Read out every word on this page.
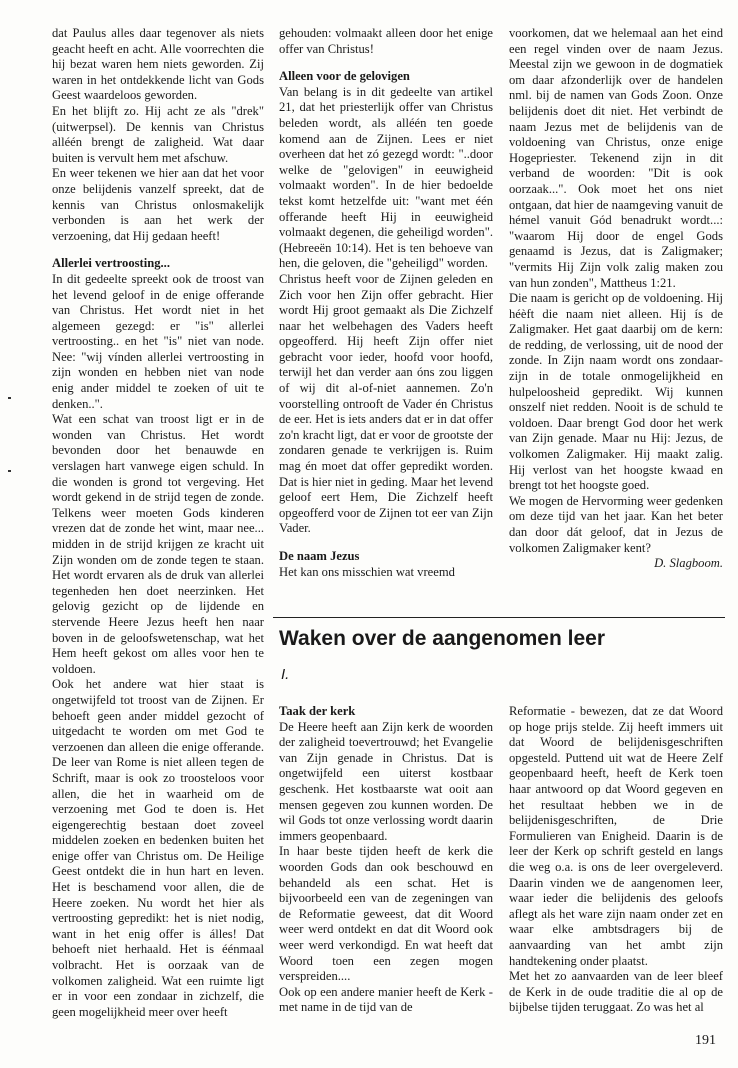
dat Paulus alles daar tegenover als niets geacht heeft en acht. Alle voorrechten die hij bezat waren hem niets geworden. Zij waren in het ontdekkende licht van Gods Geest waardeloos geworden.

En het blijft zo. Hij acht ze als "drek" (uitwerpsel). De kennis van Christus alléén brengt de zaligheid. Wat daar buiten is vervult hem met afschuw.

En weer tekenen we hier aan dat het voor onze belijdenis vanzelf spreekt, dat de kennis van Christus onlosmakelijk verbonden is aan het werk der verzoening, dat Hij gedaan heeft!

Allerlei vertroosting...

In dit gedeelte spreekt ook de troost van het levend geloof in de enige offerande van Christus. Het wordt niet in het algemeen gezegd: er "is" allerlei vertroosting.. en het "is" niet van node. Nee: "wij vínden allerlei vertroosting in zijn wonden en hebben niet van node enig ander middel te zoeken of uit te denken..".

Wat een schat van troost ligt er in de wonden van Christus. Het wordt bevonden door het benauwde en verslagen hart vanwege eigen schuld. In die wonden is grond tot vergeving. Het wordt gekend in de strijd tegen de zonde. Telkens weer moeten Gods kinderen vrezen dat de zonde het wint, maar nee... midden in de strijd krijgen ze kracht uit Zijn wonden om de zonde tegen te staan. Het wordt ervaren als de druk van allerlei tegenheden hen doet neerzinken. Het gelovig gezicht op de lijdende en stervende Heere Jezus heeft hen naar boven in de geloofswetenschap, wat het Hem heeft gekost om alles voor hen te voldoen.

Ook het andere wat hier staat is ongetwijfeld tot troost van de Zijnen. Er behoeft geen ander middel gezocht of uitgedacht te worden om met God te verzoenen dan alleen die enige offerande. De leer van Rome is niet alleen tegen de Schrift, maar is ook zo troosteloos voor allen, die het in waarheid om de verzoening met God te doen is. Het eigengerechtig bestaan doet zoveel middelen zoeken en bedenken buiten het enige offer van Christus om. De Heilige Geest ontdekt die in hun hart en leven. Het is beschamend voor allen, die de Heere zoeken. Nu wordt het hier als vertroosting gepredikt: het is niet nodig, want in het enig offer is álles! Dat behoeft niet herhaald. Het is éénmaal volbracht. Het is oorzaak van de volkomen zaligheid. Wat een ruimte ligt er in voor een zondaar in zichzelf, die geen mogelijkheid meer over heeft

gehouden: volmaakt alleen door het enige offer van Christus!

Alleen voor de gelovigen

Van belang is in dit gedeelte van artikel 21, dat het priesterlijk offer van Christus beleden wordt, als alléén ten goede komend aan de Zijnen. Lees er niet overheen dat het zó gezegd wordt: "..door welke de "gelovigen" in eeuwigheid volmaakt worden". In de hier bedoelde tekst komt hetzelfde uit: "want met één offerande heeft Hij in eeuwigheid volmaakt degenen, die geheiligd worden". (Hebreeën 10:14). Het is ten behoeve van hen, die geloven, die "geheiligd" worden.

Christus heeft voor de Zijnen geleden en Zich voor hen Zijn offer gebracht. Hier wordt Hij groot gemaakt als Die Zichzelf naar het welbehagen des Vaders heeft opgeofferd. Hij heeft Zijn offer niet gebracht voor ieder, hoofd voor hoofd, terwijl het dan verder aan óns zou liggen of wij dit al-of-niet aannemen. Zo'n voorstelling ontrooft de Vader én Christus de eer. Het is iets anders dat er in dat offer zo'n kracht ligt, dat er voor de grootste der zondaren genade te verkrijgen is. Ruim mag én moet dat offer gepredikt worden. Dat is hier niet in geding. Maar het levend geloof eert Hem, Die Zichzelf heeft opgeofferd voor de Zijnen tot eer van Zijn Vader.

De naam Jezus

Het kan ons misschien wat vreemd

voorkomen, dat we helemaal aan het eind een regel vinden over de naam Jezus. Meestal zijn we gewoon in de dogmatiek om daar afzonderlijk over de handelen nml. bij de namen van Gods Zoon. Onze belijdenis doet dit niet. Het verbindt de naam Jezus met de belijdenis van de voldoening van Christus, onze enige Hogepriester. Tekenend zijn in dit verband de woorden: "Dit is ook oorzaak...". Ook moet het ons niet ontgaan, dat hier de naamgeving vanuit de hémel vanuit Gód benadrukt wordt...: "waarom Hij door de engel Gods genaamd is Jezus, dat is Zaligmaker; "vermits Hij Zijn volk zalig maken zou van hun zonden", Mattheus 1:21.

Die naam is gericht op de voldoening. Hij héèft die naam niet alleen. Hij ís de Zaligmaker. Het gaat daarbij om de kern: de redding, de verlossing, uit de nood der zonde. In Zijn naam wordt ons zondaar-zijn in de totale onmogelijkheid en hulpeloosheid gepredikt. Wij kunnen onszelf niet redden. Nooit is de schuld te voldoen. Daar brengt God door het werk van Zijn genade. Maar nu Hij: Jezus, de volkomen Zaligmaker. Hij maakt zalig. Hij verlost van het hoogste kwaad en brengt tot het hoogste goed.

We mogen de Hervorming weer gedenken om deze tijd van het jaar. Kan het beter dan door dát geloof, dat in Jezus de volkomen Zaligmaker kent?

D. Slagboom.

Waken over de aangenomen leer
I.
Taak der kerk

De Heere heeft aan Zijn kerk de woorden der zaligheid toevertrouwd; het Evangelie van Zijn genade in Christus. Dat is ongetwijfeld een uiterst kostbaar geschenk. Het kostbaarste wat ooit aan mensen gegeven zou kunnen worden. De wil Gods tot onze verlossing wordt daarin immers geopenbaard.

In haar beste tijden heeft de kerk die woorden Gods dan ook beschouwd en behandeld als een schat. Het is bijvoorbeeld een van de zegeningen van de Reformatie geweest, dat dit Woord weer werd ontdekt en dat dit Woord ook weer werd verkondigd. En wat heeft dat Woord toen een zegen mogen verspreiden....

Ook op een andere manier heeft de Kerk - met name in de tijd van de

Reformatie - bewezen, dat ze dat Woord op hoge prijs stelde. Zij heeft immers uit dat Woord de belijdenisgeschriften opgesteld. Puttend uit wat de Heere Zelf geopenbaard heeft, heeft de Kerk toen haar antwoord op dat Woord gegeven en het resultaat hebben we in de belijdenisgeschriften, de Drie Formulieren van Enigheid. Daarin is de leer der Kerk op schrift gesteld en langs die weg o.a. is ons de leer overgeleverd. Daarin vinden we de aangenomen leer, waar ieder die belijdenis des geloofs aflegt als het ware zijn naam onder zet en waar elke ambtsdragers bij de aanvaarding van het ambt zijn handtekening onder plaatst.

Met het zo aanvaarden van de leer bleef de Kerk in de oude traditie die al op de bijbelse tijden teruggaat. Zo was het al

191
